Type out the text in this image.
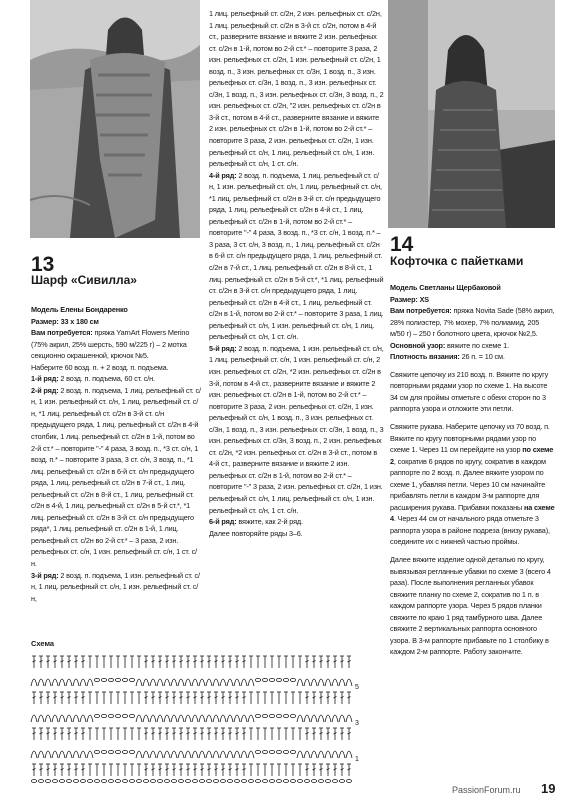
13
Шарф «Сивилла»

Модель Елены Бондаренко

Размер: 33 х 180 см

Вам потребуется: пряжа YarnArt Flowers Merino (75% акрил, 25% шерсть, 590 м/225 г) – 2 мотка секционно окрашенной, крючок №5.

Наберите 60 возд. п. + 2 возд. п. подъема.

1-й ряд: 2 возд. п. подъема, 60 ст. с/н.

2-й ряд: 2 возд. п. подъема, 1 лиц. рельефный ст. с/н, 1 изн. рельефный ст. с/н, 1 лиц. рельефный ст. с/н, *1 лиц. рельефный ст. с/2н в 3-й ст. с/н предыдущего ряда, 1 лиц. рельефный ст. с/2н в 4-й столбик, 1 лиц. рельефный ст. с/2н в 1-й, потом во 2-й ст.* – повторите "-" 4 раза, 3 возд. п., *3 ст. с/н, 1 возд. п.* – повторите 3 раза, 3 ст. с/н, 3 возд. п., *1 лиц. рельефный ст. с/2н в 6-й ст. с/н предыдущего ряда, 1 лиц. рельефный ст. с/2н в 7-й ст., 1 лиц. рельефный ст. с/2н в 8-й ст., 1 лиц. рельефный ст. с/2н в 4-й, 1 лиц. рельефный ст. с/2н в 5-й ст.*, *1 лиц. рельефный ст. с/2н в 3-й ст. с/н предыдущего ряда*, 1 лиц. рельефный ст. с/2н в 1-й, 1 лиц. рельефный ст. с/2н во 2-й ст.* – 3 раза, 2 изн. рельефных ст. с/н, 1 изн. рельефный ст. с/н, 1 ст. с/н.

3-й ряд: 2 возд. п. подъема, 1 изн. рельефный ст. с/н, 1 лиц. рельефный ст. с/н, 1 изн. рельефный ст. с/н,

1 лиц. рельефный ст. с/2н, 2 изн. рельефных ст. с/2н, 1 лиц. рельефный ст. с/2н в 3-й ст. с/2н, потом в 4-й ст., разверните вязание и вяжите 2 изн. рельефных ст. с/2н в 1-й, потом во 2-й ст.* – повторите 3 раза, 2 изн. рельефных ст. с/2н, 1 изн. рельефный ст. с/2н, 1 возд. п., 3 изн. рельефных ст. с/3н, 1 возд. п., 3 изн. рельефных ст. с/3н, 1 возд. п., 3 изн. рельефных ст. с/3н, 1 возд. п., 3 изн. рельефных ст. с/3н, 3 возд. п., 2 изн. рельефных ст. с/2н, "2 изн. рельефных ст. с/2н в 3-й ст., потом в 4-й ст., разверните вязание и вяжите 2 изн. рельефных ст. с/2н в 1-й, потом во 2-й ст.* – повторите 3 раза, 2 изн. рельефных ст. с/2н, 1 изн. рельефный ст. с/н, 1 лиц. рельефный ст. с/н, 1 изн. рельефный ст. с/н, 1 ст. с/н.

4-й ряд: 2 возд. п. подъема, 1 лиц. рельефный ст. с/н, 1 изн. рельефный ст. с/н, 1 лиц. рельефный ст. с/н, *1 лиц. рельефный ст. с/2н в 3-й ст. с/н предыдущего ряда, 1 лиц. рельефный ст. с/2н в 4-й ст., 1 лиц. рельефный ст. с/2н в 1-й, потом во 2-й ст.* – повторите "-" 4 раза, 3 возд. п., *3 ст. с/н, 1 возд. п.* – 3 раза, 3 ст. с/н, 3 возд. п., 1 лиц. рельефный ст. с/2н в 6-й ст. с/н предыдущего ряда, 1 лиц. рельефный ст. с/2н в 7-й ст., 1 лиц. рельефный ст. с/2н в 8-й ст., 1 лиц. рельефный ст. с/2н в 5-й ст.*, *1 лиц. рельефный ст. с/2н в 3-й ст. с/н предыдущего ряда, 1 лиц. рельефный ст. с/2н в 4-й ст., 1 лиц. рельефный ст. с/2н в 1-й, потом во 2-й ст.* – повторите 3 раза, 1 лиц. рельефный ст. с/н, 1 изн. рельефный ст. с/н, 1 лиц. рельефный ст. с/н, 1 ст. с/н.

5-й ряд: 2 возд. п. подъема, 1 изн. рельефный ст. с/н, 1 лиц. рельефный ст. с/н, 1 изн. рельефный ст. с/н, 2 изн. рельефных ст. с/2н, *2 изн. рельефных ст. с/2н в 3-й, потом в 4-й ст., разверните вязание и вяжите 2 изн. рельефных ст. с/2н в 1-й, потом во 2-й ст.* – повторите 3 раза, 2 изн. рельефных ст. с/2н, 1 изн. рельефный ст. с/н, 1 возд. п., 3 изн. рельефных ст. с/3н, 1 возд. п., 3 изн. рельефных ст. с/3н, 1 возд. п., 3 изн. рельефных ст. с/3н, 3 возд. п., 2 изн. рельефных ст. с/2н, *2 изн. рельефных ст. с/2н в 3-й ст., потом в 4-й ст., разверните вязание и вяжите 2 изн. рельефных ст. с/2н в 1-й, потом во 2-й ст.* – повторите "-" 3 раза, 2 изн. рельефных ст. с/2н, 1 изн. рельефный ст. с/н, 1 лиц. рельефный ст. с/н, 1 изн. рельефный ст. с/н, 1 ст. с/н.

6-й ряд: вяжите, как 2-й ряд.

Далее повторяйте ряды 3–6.

14
Кофточка с пайетками

Модель Светланы Щербаковой

Размер: XS

Вам потребуется: пряжа Novita Sade (58% акрил, 28% полиэстер, 7% мохер, 7% полиамид, 205 м/50 г) – 250 г болотного цвета, крючок №2,5.

Основной узор: вяжите по схеме 1.

Плотность вязания: 26 п. = 10 см.

Свяжите цепочку из 210 возд. п. Вяжите по кругу повторными рядами узор по схеме 1. На высоте 34 см для проймы отметьте с обеих сторон по 3 раппорта узора и отложите эти петли.

Свяжите рукава. Наберите цепочку из 70 возд. п. Вяжите по кругу повторными рядами узор по схеме 1. Через 11 см перейдите на узор по схеме 2, сократив 6 рядов по кругу, сократив в каждом раппорте по 2 возд. п. Далее вяжите узором по схеме 1, убавляя петли. Через 10 см начинайте прибавлять петли в каждом 3-м раппорте для расширения рукава. Прибавки показаны на схеме 4. Через 44 см от начального ряда отметьте 3 раппорта узора в районе подреза (внизу рукава), соедините их с нижней частью проймы.

Далее вяжите изделие одной деталью по кругу, вывязывая регланные убавки по схеме 3 (всего 4 раза). После выполнения регланных убавок свяжите планку по схеме 2, сократив по 1 п. в каждом раппорте узора. Через 5 рядов планки свяжите по краю 1 ряд тамбурного шва. Далее свяжите 2 вертикальных раппорта основного узора. В 3-м раппорте прибавьте по 1 столбику в каждом 2-м раппорте. Работу закончите.

Схема
5
3
1
PassionForum.ru 19
